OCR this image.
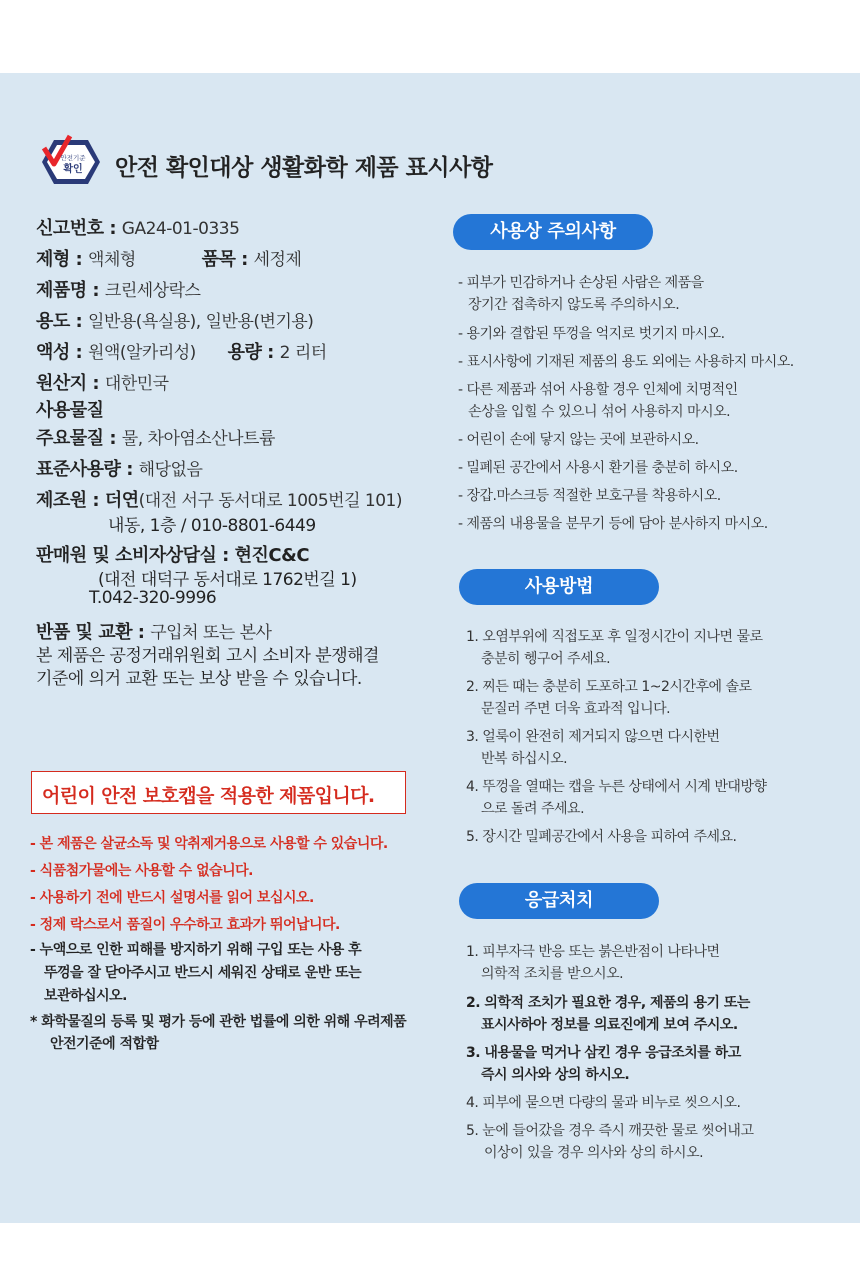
안전기준
확인 안전 확인대상 생활화학 제품 표시사항
신고번호 : GA24-01-0335
제형 : 액체형	품목 : 세정제
제품명 : 크린세상락스
용도 : 일반용(욕실용), 일반용(변기용)
액성 : 원액(알카리성) 용량 : 2 리터
원산지 : 대한민국
사용물질
주요물질 : 물, 차아염소산나트륨
표준사용량 : 해당없음
제조원 : 더연(대전 서구 동서대로 1005번길 101)
내동, 1층 / 010-8801-6449
판매원 및 소비자상담실 : 현진C&C
(대전 대덕구 동서대로 1762번길 1)
T.042-320-9996
반품 및 교환 : 구입처 또는 본사
본 제품은 공정거래위원회 고시 소비자 분쟁해결
기준에 의거 교환 또는 보상 받을 수 있습니다.
어린이 안전 보호캡을 적용한 제품입니다.
- 본 제품은 살균소독 및 악취제거용으로 사용할 수 있습니다.
- 식품첨가물에는 사용할 수 없습니다.
- 사용하기 전에 반드시 설명서를 읽어 보십시오.
- 정제 락스로서 품질이 우수하고 효과가 뛰어납니다.
- 누액으로 인한 피해를 방지하기 위해 구입 또는 사용 후
뚜껑을 잘 닫아주시고 반드시 세워진 상태로 운반 또는
보관하십시오.
* 화학물질의 등록 및 평가 등에 관한 법률에 의한 위해 우려제품
안전기준에 적합함
사용상 주의사항
- 피부가 민감하거나 손상된 사람은 제품을
장기간 접촉하지 않도록 주의하시오.
- 용기와 결합된 뚜껑을 억지로 벗기지 마시오.
- 표시사항에 기재된 제품의 용도 외에는 사용하지 마시오.
- 다른 제품과 섞어 사용할 경우 인체에 치명적인
손상을 입힐 수 있으니 섞어 사용하지 마시오.
- 어린이 손에 닿지 않는 곳에 보관하시오.
- 밀폐된 공간에서 사용시 환기를 충분히 하시오.
- 장갑.마스크등 적절한 보호구를 착용하시오.
- 제품의 내용물을 분무기 등에 담아 분사하지 마시오.
사용방법
1. 오염부위에 직접도포 후 일정시간이 지나면 물로
충분히 헹구어 주세요.
2. 찌든 때는 충분히 도포하고 1~2시간후에 솔로
문질러 주면 더욱 효과적 입니다.
3. 얼룩이 완전히 제거되지 않으면 다시한번
반복 하십시오.
4. 뚜껑을 열때는 캡을 누른 상태에서 시계 반대방향
으로 돌려 주세요.
5. 장시간 밀폐공간에서 사용을 피하여 주세요.
응급처치
1. 피부자극 반응 또는 붉은반점이 나타나면
의학적 조치를 받으시오.
2. 의학적 조치가 필요한 경우, 제품의 용기 또는
표시사하아 정보를 의료진에게 보여 주시오.
3. 내용물을 먹거나 삼킨 경우 응급조치를 하고
즉시 의사와 상의 하시오.
4. 피부에 묻으면 다량의 물과 비누로 씻으시오.
5. 눈에 들어갔을 경우 즉시 깨끗한 물로 씻어내고
이상이 있을 경우 의사와 상의 하시오.
